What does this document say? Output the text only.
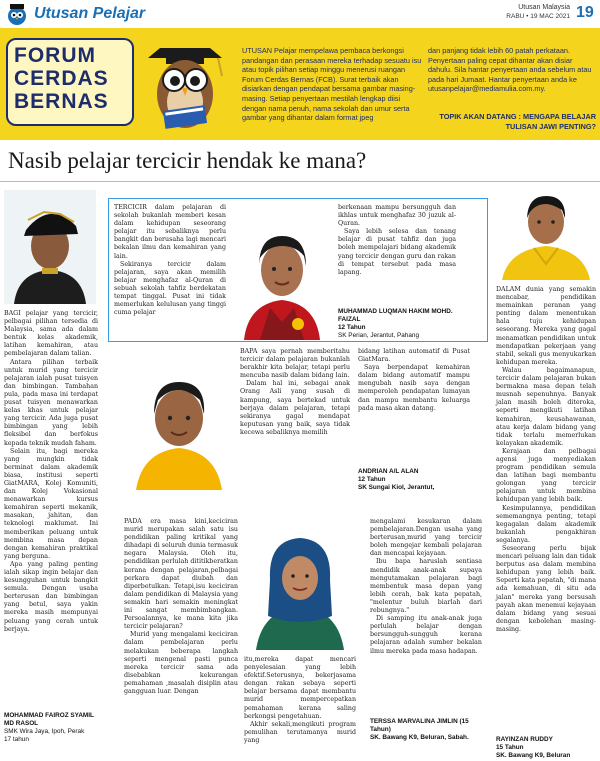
Utusan Pelajar	Utusan Malaysia
RABU • 19 MAC 2021 19
FORUM
CERDAS
BERNAS
UTUSAN Pelajar mempelawa pembaca berkongsi pandangan dan perasaan mereka terhadap sesuatu isu atau topik pilihan setiap minggu menerusi ruangan Forum Cerdas Bernas (FCB). Surat terbaik akan disiarkan dengan pendapat bersama gambar masing-masing. Setiap penyertaan mestilah lengkap diisi dengan nama penuh, nama sekolah dan umur serta gambar yang dihantar dalam format jpeg
dan panjang tidak lebih 60 patah perkataan. Penyertaan paling cepat dihantar akan disiar dahulu. Sila hantar penyertaan anda sebelum atau pada hari Jumaat. Hantar penyertaan anda ke utusanpelajar@mediamulia.com.my.
TOPIK AKAN DATANG : MENGAPA BELAJAR TULISAN JAWI PENTING?
Nasib pelajar tercicir hendak ke mana?

BAGI pelajar yang tercicir, pelbagai pilihan tersedia di Malaysia, sama ada dalam bentuk kelas akademik, latihan kemahiran, atau pembelajaran dalam talian.

Antara pilihan terbaik untuk murid yang tercicir pelajaran ialah pusat tuisyen dan bimbingan. Tambahan pula, pada masa ini terdapat pusat tuisyen menawarkan kelas khas untuk pelajar yang tercicir. Ada juga pusat bimbingan yang lebih fleksibel dan berfokus kepada teknik mudah faham.

Selain itu, bagi mereka yang mungkin tidak berminat dalam akademik biasa, institusi seperti GiatMARA, Kolej Komuniti, dan Kolej Vokasional menawarkan kursus kemahiran seperti mekanik, masakan, jahitan, dan teknologi maklumat. Ini memberikan peluang untuk membina masa depan dengan kemahiran praktikal yang berguna.

Apa yang paling penting ialah sikap ingin belajar dan kesungguhan untuk bangkit semula. Dengan usaha berterusan dan bimbingan yang betul, saya yakin mereka masih mempunyai peluang yang cerah untuk berjaya.

MOHAMMAD FAIROZ SYAMIL MD RASOL
SMK Wira Jaya, Ipoh, Perak
17 tahun

TERCICIR dalam pelajaran di sekolah bukanlah memberi kesan dalam kehidupan seseorang pelajar itu sebaliknya perlu bangkit dan berusaha lagi mencari bekalan ilmu dan kemahiran yang lain.

Sekiranya tercicir dalam pelajaran, saya akan memilih belajar menghafaz al-Quran di sebuah sekolah tahfiz berdekatan tempat tinggal. Pusat ini tidak memerlukan kelulusan yang tinggi cuma pelajar

berkenaan mampu bersungguh dan ikhlas untuk menghafaz 30 juzuk al-Quran.

Saya lebih selesa dan tenang belajar di pusat tahfiz dan juga boleh mempelajari bidang akademik yang tercicir dengan guru dan rakan di tempat tersebut pada masa lapang.

MUHAMMAD LUQMAN HAKIM MOHD. FAIZAL
12 Tahun
SK Perian, Jerantut, Pahang

BAPA saya pernah memberitahu tercicir dalam pelajaran bukanlah berakhir kita belajar, tetapi perlu mencuba nasib dalam bidang lain.

Dalam hal ini, sebagai anak Orang Asli yang susah di kampung, saya bertekad untuk berjaya dalam pelajaran, tetapi sekiranya gagal mendapat keputusan yang baik, saya tidak kecewa sebaliknya memilih

bidang latihan automatif di Pusat GiatMara.

Saya berpendapat kemahiran dalam bidang automatif mampu mengubah nasib saya dengan memperoleh pendapatan lumayan dan mampu membantu keluarga pada masa akan datang.

ANDRIAN A/L ALAN
12 Tahun
SK Sungai Kiol, Jerantut,

PADA era masa kini,keciciran murid merupakan salah satu isu pendidikan paling kritikal yang dihadapi di seluruh dunia termasuk negara Malaysia. Oleh itu, pendidikan perlulah dititikberatkan kerana dengan pelajaran,pelbagai perkara dapat diubah dan diperbetulkan. Tetapi,isu keciciran dalam pendidikan di Malaysia yang semakin hari semakin meningkat ini sangat membimbangkan. Persoalannya, ke mana kita jika tercicir pelajaran?

Murid yang mengalami keciciran dalam pembelajaran perlu melakukan beberapa langkah seperti mengenal pasti punca mereka tercicir sama ada disebabkan kekurangan pemahaman ,masalah disiplin atau gangguan luar. Dengan

itu,mereka dapat mencari penyelesaian yang lebih efektif.Seterusnya, bekerjasama dengan rakan sebaya seperti belajar bersama dapat membantu murid mempercepatkan pemahaman kerana saling berkongsi pengetahuan.

Akhir sekali,mengikuti program pemulihan terutamanya murid yang

mengalami kesukaran dalam pembelajaran.Dengan usaha yang berterusan,murid yang tercicir boleh mengejar kembali pelajaran dan mencapai kejayaan.

Ibu bapa haruslah sentiasa mendidik anak-anak supaya mengutamakan pelajaran bagi membentuk masa depan yang lebih cerah, bak kata pepatah, "melentur buluh biarlah dari rebungnya."

Di samping itu anak-anak juga perlulah belajar dengan bersungguh-sungguh kerana pelajaran adalah sumber bekalan ilmu mereka pada masa hadapan.

TERSSA MARVALINA JIMLIN (15 Tahun)
SK. Bawang K9, Beluran, Sabah.

DALAM dunia yang semakin mencabar, pendidikan memainkan peranan yang penting dalam menentukan hala tuju kehidupan seseorang. Mereka yang gagal menamatkan pendidikan untuk mendapatkan pekerjaan yang stabil, sekali gus menyukarkan kehidupan mereka.

Walau bagaimanapun, tercicir dalam pelajaran bukan bermakna masa depan telah musnah sepenuhnya. Banyak jalan masih boleh diteroka, seperti mengikuti latihan kemahiran, keusahawanan, atau kerja dalam bidang yang tidak terlalu memerlukan kelayakan akademik.

Kerajaan dan pelbagai agensi juga menyediakan program pendidikan semula dan latihan bagi membantu golongan yang tercicir pelajaran untuk membina kehidupan yang lebih baik.

Kesimpulannya, pendidikan sememangnya penting, tetapi kegagalan dalam akademik bukanlah pengakhiran segalanya.

Seseorang perlu bijak mencari peluang lain dan tidak berputus asa dalam membina kehidupan yang lebih baik. Seperti kata pepatah, "di mana ada kemahuan, di situ ada jalan" mereka yang bersusah payah akan menemui kejayaan dalam bidang yang sesuai dengan kebolehan masing-masing.

RAYINZAN RUDDY
15 Tahun
SK. Bawang K9, Beluran
